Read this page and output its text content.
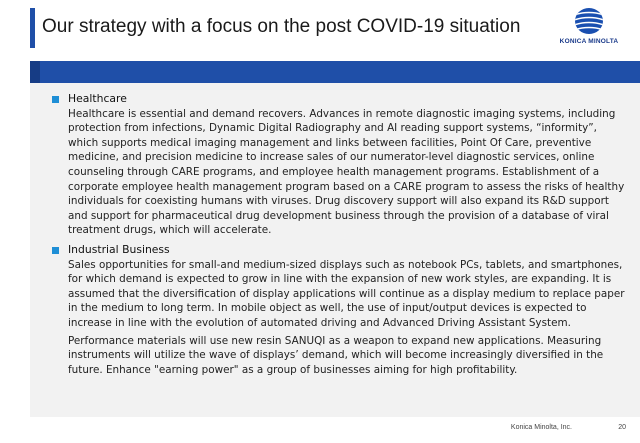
Our strategy with a focus on the post COVID-19 situation
KONICA MINOLTA
Healthcare
Healthcare is essential and demand recovers. Advances in remote diagnostic imaging systems, including protection from infections, Dynamic Digital Radiography and AI reading support systems, “informity”, which supports medical imaging management and links between facilities, Point Of Care, preventive medicine, and precision medicine to increase sales of our numerator-level diagnostic services, online counseling through CARE programs, and employee health management programs. Establishment of a corporate employee health management program based on a CARE program to assess the risks of healthy individuals for coexisting humans with viruses. Drug discovery support will also expand its R&D support and support for pharmaceutical drug development business through the provision of a database of viral treatment drugs, which will accelerate.
Industrial Business
Sales opportunities for small-and medium-sized displays such as notebook PCs, tablets, and smartphones, for which demand is expected to grow in line with the expansion of new work styles, are expanding. It is assumed that the diversification of display applications will continue as a display medium to replace paper in the medium to long term. In mobile object as well, the use of input/output devices is expected to increase in line with the evolution of automated driving and Advanced Driving Assistant System.
Performance materials will use new resin SANUQI as a weapon to expand new applications. Measuring instruments will utilize the wave of displays’ demand, which will become increasingly diversified in the future. Enhance "earning power" as a group of businesses aiming for high profitability.
Konica Minolta, Inc.	20
